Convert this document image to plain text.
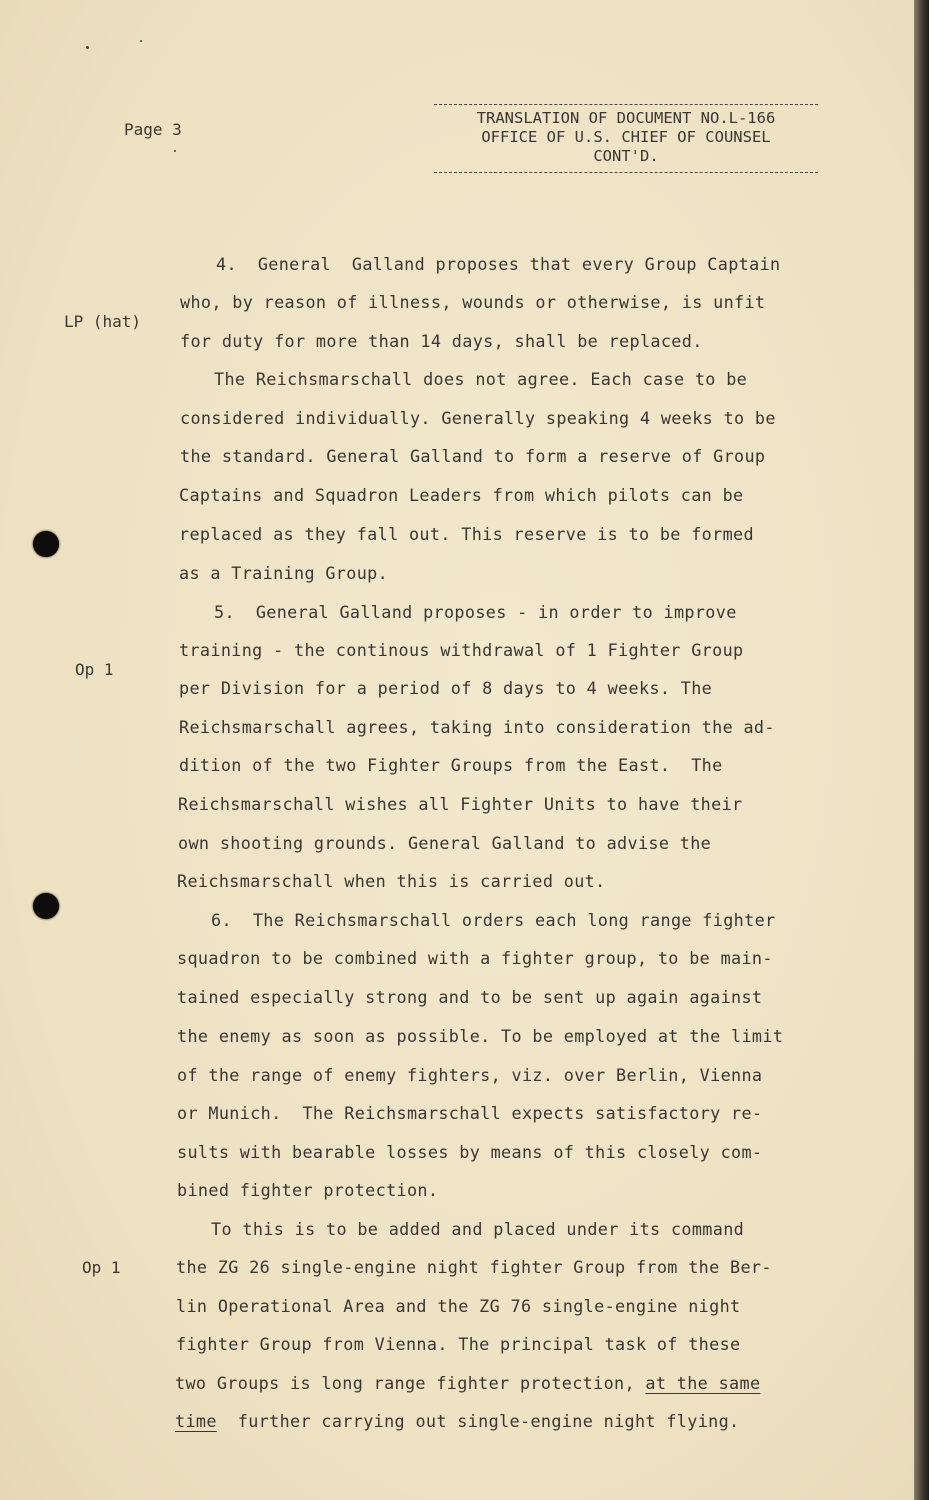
Page 3
TRANSLATION OF DOCUMENT NO.L-166
OFFICE OF U.S. CHIEF OF COUNSEL
CONT'D.
LP (hat)
Op 1
Op 1
4.  General  Galland proposes that every Group Captain
who, by reason of illness, wounds or otherwise, is unfit
for duty for more than 14 days, shall be replaced.
The Reichsmarschall does not agree. Each case to be
considered individually. Generally speaking 4 weeks to be
the standard. General Galland to form a reserve of Group
Captains and Squadron Leaders from which pilots can be
replaced as they fall out. This reserve is to be formed
as a Training Group.
5.  General Galland proposes - in order to improve
training - the continous withdrawal of 1 Fighter Group
per Division for a period of 8 days to 4 weeks. The
Reichsmarschall agrees, taking into consideration the ad-
dition of the two Fighter Groups from the East.  The
Reichsmarschall wishes all Fighter Units to have their
own shooting grounds. General Galland to advise the
Reichsmarschall when this is carried out.
6.  The Reichsmarschall orders each long range fighter
squadron to be combined with a fighter group, to be main-
tained especially strong and to be sent up again against
the enemy as soon as possible. To be employed at the limit
of the range of enemy fighters, viz. over Berlin, Vienna
or Munich.  The Reichsmarschall expects satisfactory re-
sults with bearable losses by means of this closely com-
bined fighter protection.
To this is to be added and placed under its command
the ZG 26 single-engine night fighter Group from the Ber-
lin Operational Area and the ZG 76 single-engine night
fighter Group from Vienna. The principal task of these
two Groups is long range fighter protection, at the same
time further carrying out single-engine night flying.
